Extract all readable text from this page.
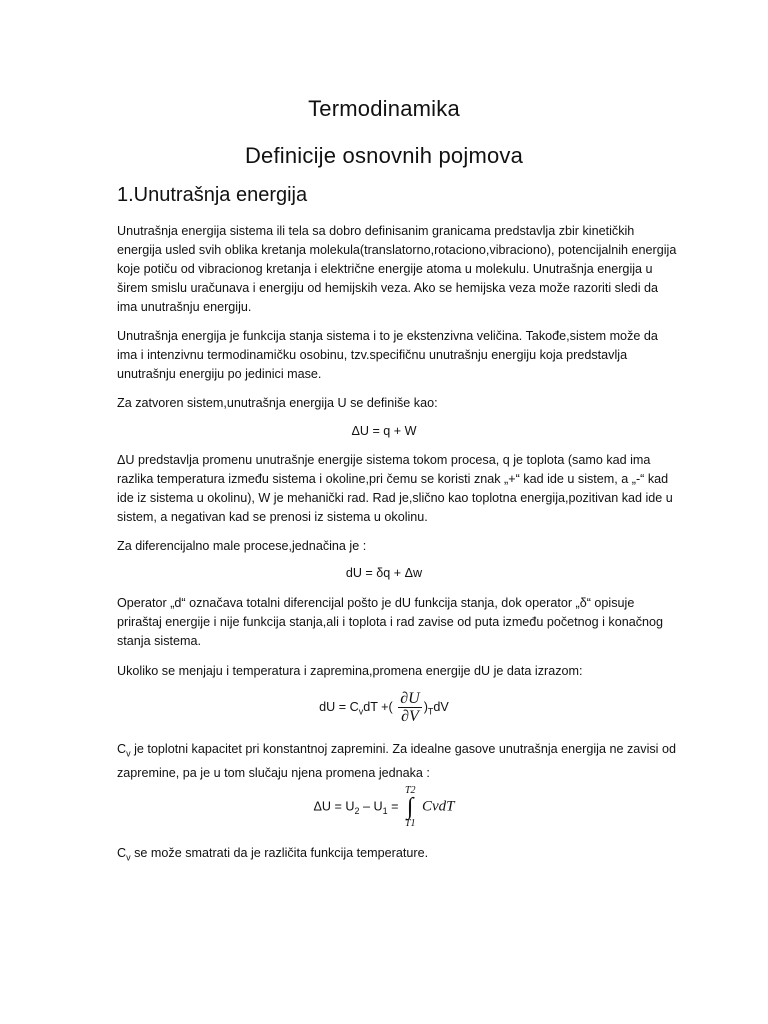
Termodinamika
Definicije osnovnih pojmova
1.Unutrašnja energija
Unutrašnja energija sistema ili tela sa dobro definisanim granicama predstavlja zbir kinetičkih energija usled svih oblika kretanja molekula(translatorno,rotaciono,vibraciono), potencijalnih energija koje potiču od vibracionog kretanja i električne energije atoma u molekulu. Unutrašnja energija u širem smislu uračunava i energiju od hemijskih veza. Ako se hemijska veza može razoriti sledi da ima unutrašnju energiju.
Unutrašnja energija je funkcija stanja sistema i to je ekstenzivna veličina. Takođe,sistem može da ima i intenzivnu termodinamičku osobinu, tzv.specifičnu unutrašnju energiju koja predstavlja unutrašnju energiju po jedinici mase.
Za zatvoren sistem,unutrašnja energija U se definiše kao:
ΔU = q + W
ΔU predstavlja promenu unutrašnje energije sistema tokom procesa, q je toplota (samo kad ima razlika temperatura između sistema i okoline,pri čemu se koristi znak „+“ kad ide u sistem, a „-“ kad ide iz sistema u okolinu), W je mehanički rad. Rad je,slično kao toplotna energija,pozitivan kad ide u sistem, a negativan kad se prenosi iz sistema u okolinu.
Za diferencijalno male procese,jednačina je :
dU = δq + Δw
Operator „d“ označava totalni diferencijal pošto je dU funkcija stanja, dok operator „δ“ opisuje priraštaj energije i nije funkcija stanja,ali i toplota i rad zavise od puta između početnog i konačnog stanja sistema.
Ukoliko se menjaju i temperatura i zapremina,promena energije dU je data izrazom:
dU = $C_vdT$ +( $\frac{\partial U}{\partial V} )_TdV$
$C_v$ je toplotni kapacitet pri konstantnoj zapremini. Za idealne gasove unutrašnja energija ne zavisi od zapremine, pa je u tom slučaju njena promena jednaka :
$\Delta U = U_2 - U_1$ =
T2
∫
T1
CvdT
$C_v$ se može smatrati da je različita funkcija temperature.
